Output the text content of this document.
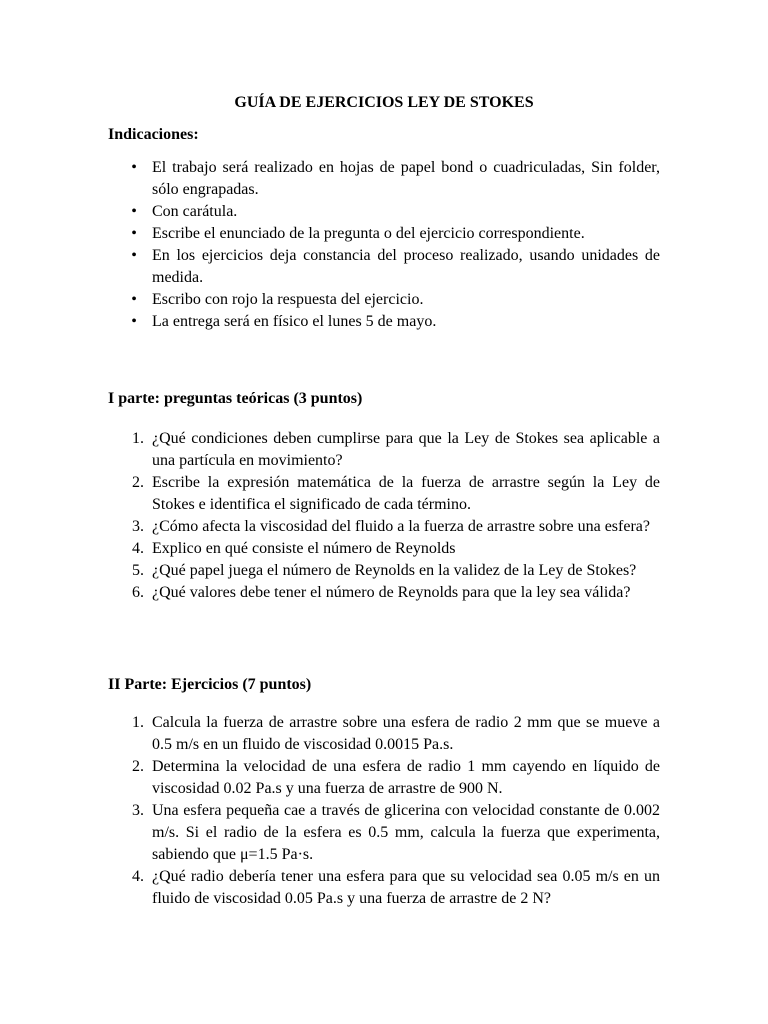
GUÍA DE EJERCICIOS LEY DE STOKES
Indicaciones:
• El trabajo será realizado en hojas de papel bond o cuadriculadas, Sin folder, sólo engrapadas.
• Con carátula.
• Escribe el enunciado de la pregunta o del ejercicio correspondiente.
• En los ejercicios deja constancia del proceso realizado, usando unidades de medida.
• Escribo con rojo la respuesta del ejercicio.
• La entrega será en físico el lunes 5 de mayo.
I parte: preguntas teóricas (3 puntos)
1. ¿Qué condiciones deben cumplirse para que la Ley de Stokes sea aplicable a una partícula en movimiento?
2. Escribe la expresión matemática de la fuerza de arrastre según la Ley de Stokes e identifica el significado de cada término.
3. ¿Cómo afecta la viscosidad del fluido a la fuerza de arrastre sobre una esfera?
4. Explico en qué consiste el número de Reynolds
5. ¿Qué papel juega el número de Reynolds en la validez de la Ley de Stokes?
6. ¿Qué valores debe tener el número de Reynolds para que la ley sea válida?
II Parte: Ejercicios (7 puntos)
1. Calcula la fuerza de arrastre sobre una esfera de radio 2 mm que se mueve a 0.5 m/s en un fluido de viscosidad 0.0015 Pa.s.
2. Determina la velocidad de una esfera de radio 1 mm cayendo en líquido de viscosidad 0.02 Pa.s y una fuerza de arrastre de 900 N.
3. Una esfera pequeña cae a través de glicerina con velocidad constante de 0.002 m/s. Si el radio de la esfera es 0.5 mm, calcula la fuerza que experimenta, sabiendo que μ=1.5 Pa·s.
4. ¿Qué radio debería tener una esfera para que su velocidad sea 0.05 m/s en un fluido de viscosidad 0.05 Pa.s y una fuerza de arrastre de 2 N?
